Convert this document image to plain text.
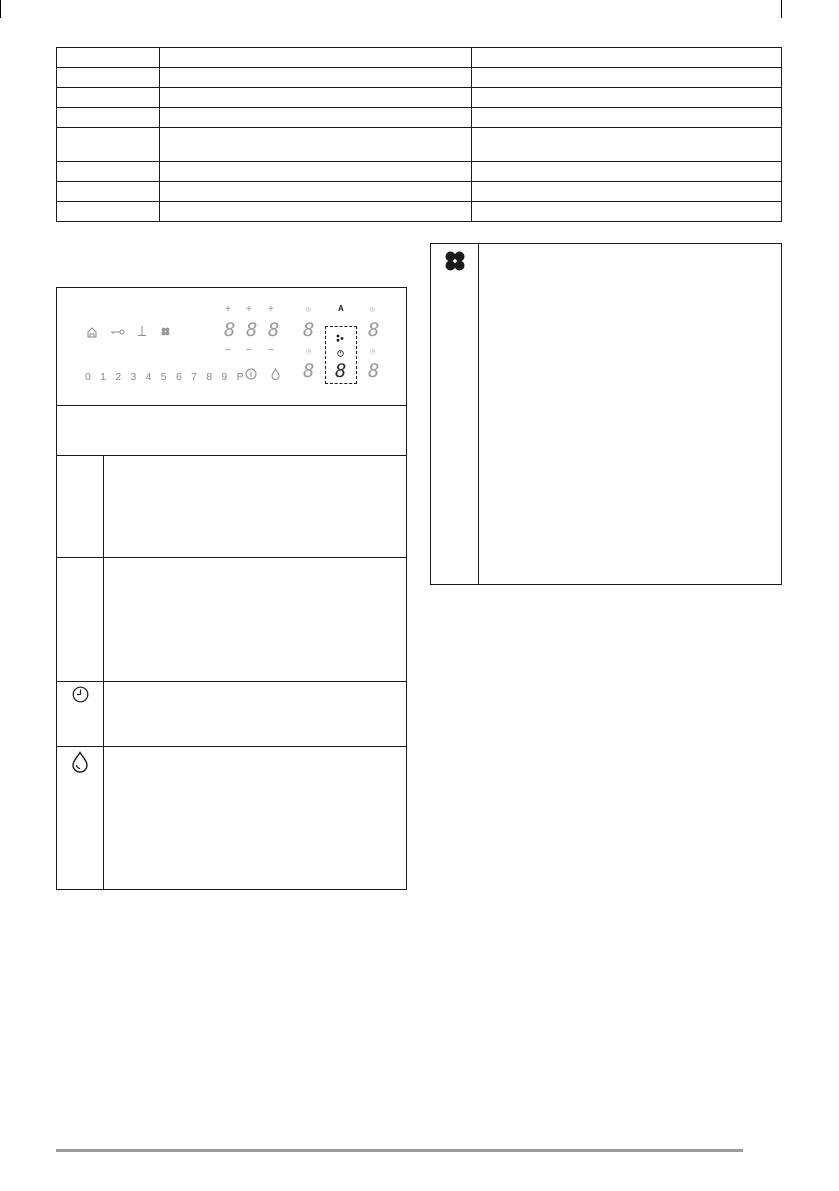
+ + +
– – –
8 8 8 8	8
8 8 8
◷	◷
◷	◷
A
0 1 2 3 4 5 6 7 8 9 P
